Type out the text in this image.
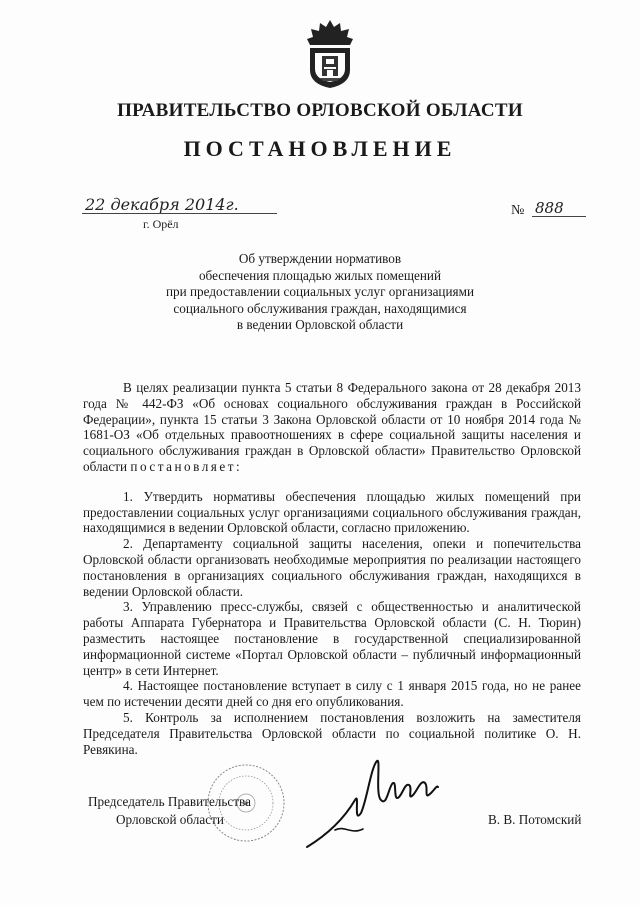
ПРАВИТЕЛЬСТВО ОРЛОВСКОЙ ОБЛАСТИ
ПОСТАНОВЛЕНИЕ
22 декабря 2014г.
г. Орёл
№ 888
Об утверждении нормативов
обеспечения площадью жилых помещений
при предоставлении социальных услуг организациями
социального обслуживания граждан, находящимися
в ведении Орловской области

В целях реализации пункта 5 статьи 8 Федерального закона от 28 декабря 2013 года № 442-ФЗ «Об основах социального обслуживания граждан в Российской Федерации», пункта 15 статьи 3 Закона Орловской области от 10 ноября 2014 года № 1681-ОЗ «Об отдельных правоотношениях в сфере социальной защиты населения и социального обслуживания граждан в Орловской области» Правительство Орловской области постановляет:

1. Утвердить нормативы обеспечения площадью жилых помещений при предоставлении социальных услуг организациями социального обслуживания граждан, находящимися в ведении Орловской области, согласно приложению.

2. Департаменту социальной защиты населения, опеки и попечительства Орловской области организовать необходимые мероприятия по реализации настоящего постановления в организациях социального обслуживания граждан, находящихся в ведении Орловской области.

3. Управлению пресс-службы, связей с общественностью и аналитической работы Аппарата Губернатора и Правительства Орловской области (С. Н. Тюрин) разместить настоящее постановление в государственной специализированной информационной системе «Портал Орловской области – публичный информационный центр» в сети Интернет.

4. Настоящее постановление вступает в силу с 1 января 2015 года, но не ранее чем по истечении десяти дней со дня его опубликования.

5. Контроль за исполнением постановления возложить на заместителя Председателя Правительства Орловской области по социальной политике О. Н. Ревякина.

Председатель Правительства
Орловской области	В. В. Потомский
